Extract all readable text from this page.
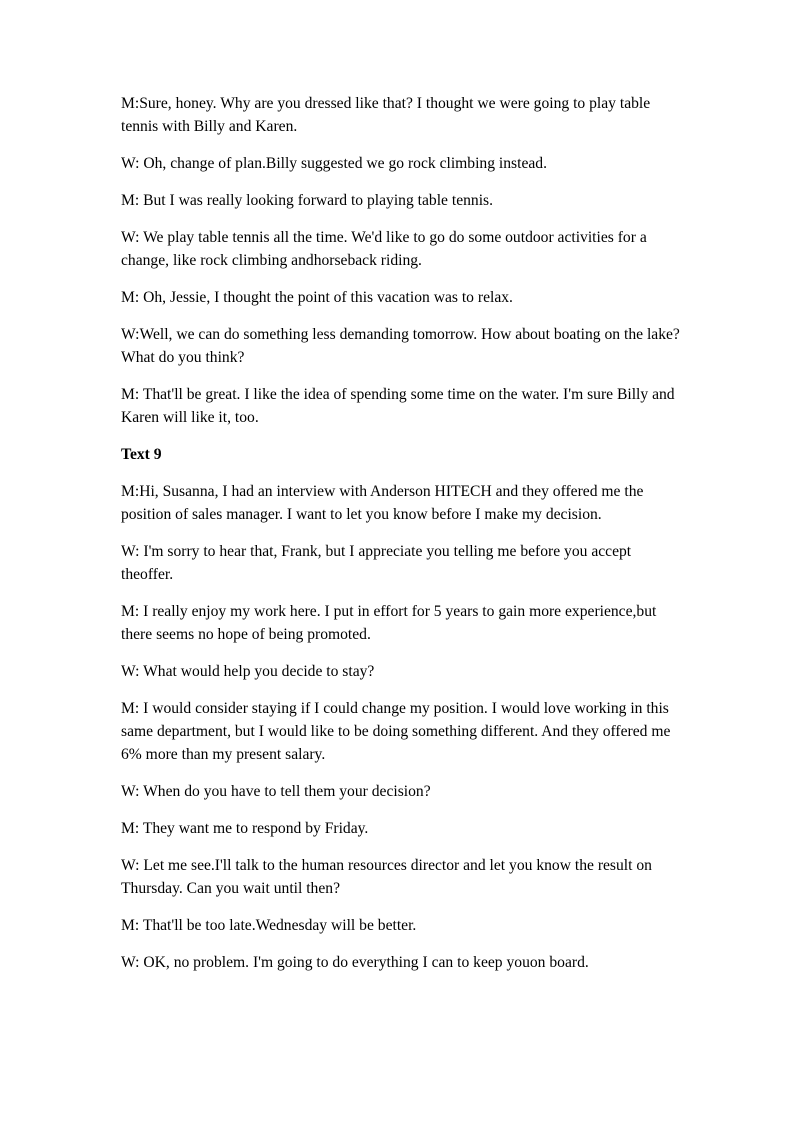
M:Sure, honey. Why are you dressed like that? I thought we were going to play table tennis with Billy and Karen.

W: Oh, change of plan.Billy suggested we go rock climbing instead.

M: But I was really looking forward to playing table tennis.

W: We play table tennis all the time. We'd like to go do some outdoor activities for a change, like rock climbing andhorseback riding.

M: Oh, Jessie, I thought the point of this vacation was to relax.

W:Well, we can do something less demanding tomorrow. How about boating on the lake? What do you think?

M: That'll be great. I like the idea of spending some time on the water. I'm sure Billy and Karen will like it, too.

Text 9

M:Hi, Susanna, I had an interview with Anderson HITECH and they offered me the position of sales manager. I want to let you know before I make my decision.

W: I'm sorry to hear that, Frank, but I appreciate you telling me before you accept theoffer.

M: I really enjoy my work here. I put in effort for 5 years to gain more experience,but there seems no hope of being promoted.

W: What would help you decide to stay?

M: I would consider staying if I could change my position. I would love working in this same department, but I would like to be doing something different. And they offered me 6% more than my present salary.

W: When do you have to tell them your decision?

M: They want me to respond by Friday.

W: Let me see.I'll talk to the human resources director and let you know the result on Thursday. Can you wait until then?

M: That'll be too late.Wednesday will be better.

W: OK, no problem. I'm going to do everything I can to keep youon board.
